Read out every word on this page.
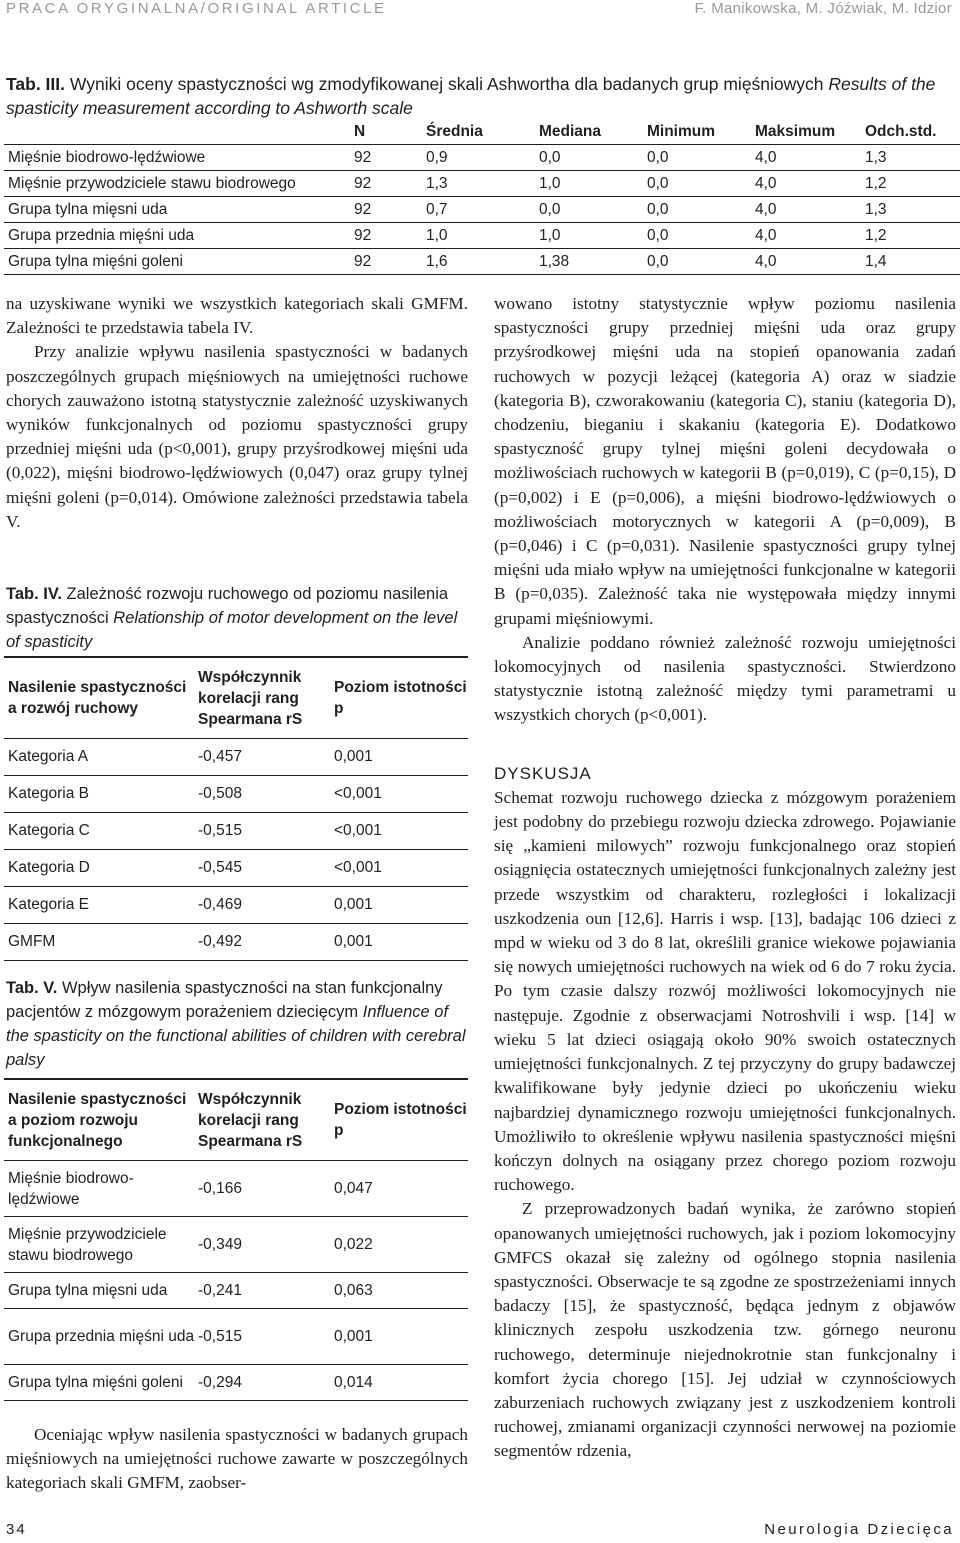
PRACA ORYGINALNA/ORIGINAL ARTICLE	F. Manikowska, M. Jóźwiak, M. Idzior
Tab. III. Wyniki oceny spastyczności wg zmodyfikowanej skali Ashwortha dla badanych grup mięśniowych Results of the spasticity measurement according to Ashworth scale
	N	Średnia	Mediana	Minimum	Maksimum	Odch.std.
Mięśnie biodrowo-lędźwiowe	92	0,9	0,0	0,0	4,0	1,3
Mięśnie przywodziciele stawu biodrowego	92	1,3	1,0	0,0	4,0	1,2
Grupa tylna mięsni uda	92	0,7	0,0	0,0	4,0	1,3
Grupa przednia mięśni uda	92	1,0	1,0	0,0	4,0	1,2
Grupa tylna mięśni goleni	92	1,6	1,38	0,0	4,0	1,4

na uzyskiwane wyniki we wszystkich kategoriach skali GMFM. Zależności te przedstawia tabela IV.

Przy analizie wpływu nasilenia spastyczności w badanych poszczególnych grupach mięśniowych na umiejętności ruchowe chorych zauważono istotną statystycznie zależność uzyskiwanych wyników funkcjonalnych od poziomu spastyczności grupy przedniej mięśni uda (p<0,001), grupy przyśrodkowej mięśni uda (0,022), mięśni biodrowo-lędźwiowych (0,047) oraz grupy tylnej mięśni goleni (p=0,014). Omówione zależności przedstawia tabela V.

Tab. IV. Zależność rozwoju ruchowego od poziomu nasilenia spastyczności Relationship of motor development on the level of spasticity
Nasilenie spastyczności a rozwój ruchowy	Współczynnik korelacji rang Spearmana rS	Poziom istotności p
Kategoria A	-0,457	0,001
Kategoria B	-0,508	<0,001
Kategoria C	-0,515	<0,001
Kategoria D	-0,545	<0,001
Kategoria E	-0,469	0,001
GMFM	-0,492	0,001
Tab. V. Wpływ nasilenia spastyczności na stan funkcjonalny pacjentów z mózgowym porażeniem dziecięcym Influence of the spasticity on the functional abilities of children with cerebral palsy
Nasilenie spastyczności a poziom rozwoju funkcjonalnego	Współczynnik korelacji rang Spearmana rS	Poziom istotności p
Mięśnie biodrowo-lędźwiowe	-0,166	0,047
Mięśnie przywodziciele stawu biodrowego	-0,349	0,022
Grupa tylna mięsni uda	-0,241	0,063
Grupa przednia mięśni uda	-0,515	0,001
Grupa tylna mięśni goleni	-0,294	0,014

Oceniając wpływ nasilenia spastyczności w badanych grupach mięśniowych na umiejętności ruchowe zawarte w poszczególnych kategoriach skali GMFM, zaobser-

wowano istotny statystycznie wpływ poziomu nasilenia spastyczności grupy przedniej mięśni uda oraz grupy przyśrodkowej mięśni uda na stopień opanowania zadań ruchowych w pozycji leżącej (kategoria A) oraz w siadzie (kategoria B), czworakowaniu (kategoria C), staniu (kategoria D), chodzeniu, bieganiu i skakaniu (kategoria E). Dodatkowo spastyczność grupy tylnej mięśni goleni decydowała o możliwościach ruchowych w kategorii B (p=0,019), C (p=0,15), D (p=0,002) i E (p=0,006), a mięśni biodrowo-lędźwiowych o możliwościach motorycznych w kategorii A (p=0,009), B (p=0,046) i C (p=0,031). Nasilenie spastyczności grupy tylnej mięśni uda miało wpływ na umiejętności funkcjonalne w kategorii B (p=0,035). Zależność taka nie występowała między innymi grupami mięśniowymi.

Analizie poddano również zależność rozwoju umiejętności lokomocyjnych od nasilenia spastyczności. Stwierdzono statystycznie istotną zależność między tymi parametrami u wszystkich chorych (p<0,001).

DYSKUSJA

Schemat rozwoju ruchowego dziecka z mózgowym porażeniem jest podobny do przebiegu rozwoju dziecka zdrowego. Pojawianie się „kamieni milowych” rozwoju funkcjonalnego oraz stopień osiągnięcia ostatecznych umiejętności funkcjonalnych zależny jest przede wszystkim od charakteru, rozległości i lokalizacji uszkodzenia oun [12,6]. Harris i wsp. [13], badając 106 dzieci z mpd w wieku od 3 do 8 lat, określili granice wiekowe pojawiania się nowych umiejętności ruchowych na wiek od 6 do 7 roku życia. Po tym czasie dalszy rozwój możliwości lokomocyjnych nie następuje. Zgodnie z obserwacjami Notroshvili i wsp. [14] w wieku 5 lat dzieci osiągają około 90% swoich ostatecznych umiejętności funkcjonalnych. Z tej przyczyny do grupy badawczej kwalifikowane były jedynie dzieci po ukończeniu wieku najbardziej dynamicznego rozwoju umiejętności funkcjonalnych. Umożliwiło to określenie wpływu nasilenia spastyczności mięśni kończyn dolnych na osiągany przez chorego poziom rozwoju ruchowego.

Z przeprowadzonych badań wynika, że zarówno stopień opanowanych umiejętności ruchowych, jak i poziom lokomocyjny GMFCS okazał się zależny od ogólnego stopnia nasilenia spastyczności. Obserwacje te są zgodne ze spostrzeżeniami innych badaczy [15], że spastyczność, będąca jednym z objawów klinicznych zespołu uszkodzenia tzw. górnego neuronu ruchowego, determinuje niejednokrotnie stan funkcjonalny i komfort życia chorego [15]. Jej udział w czynnościowych zaburzeniach ruchowych związany jest z uszkodzeniem kontroli ruchowej, zmianami organizacji czynności nerwowej na poziomie segmentów rdzenia,

34	Neurologia Dziecięca
